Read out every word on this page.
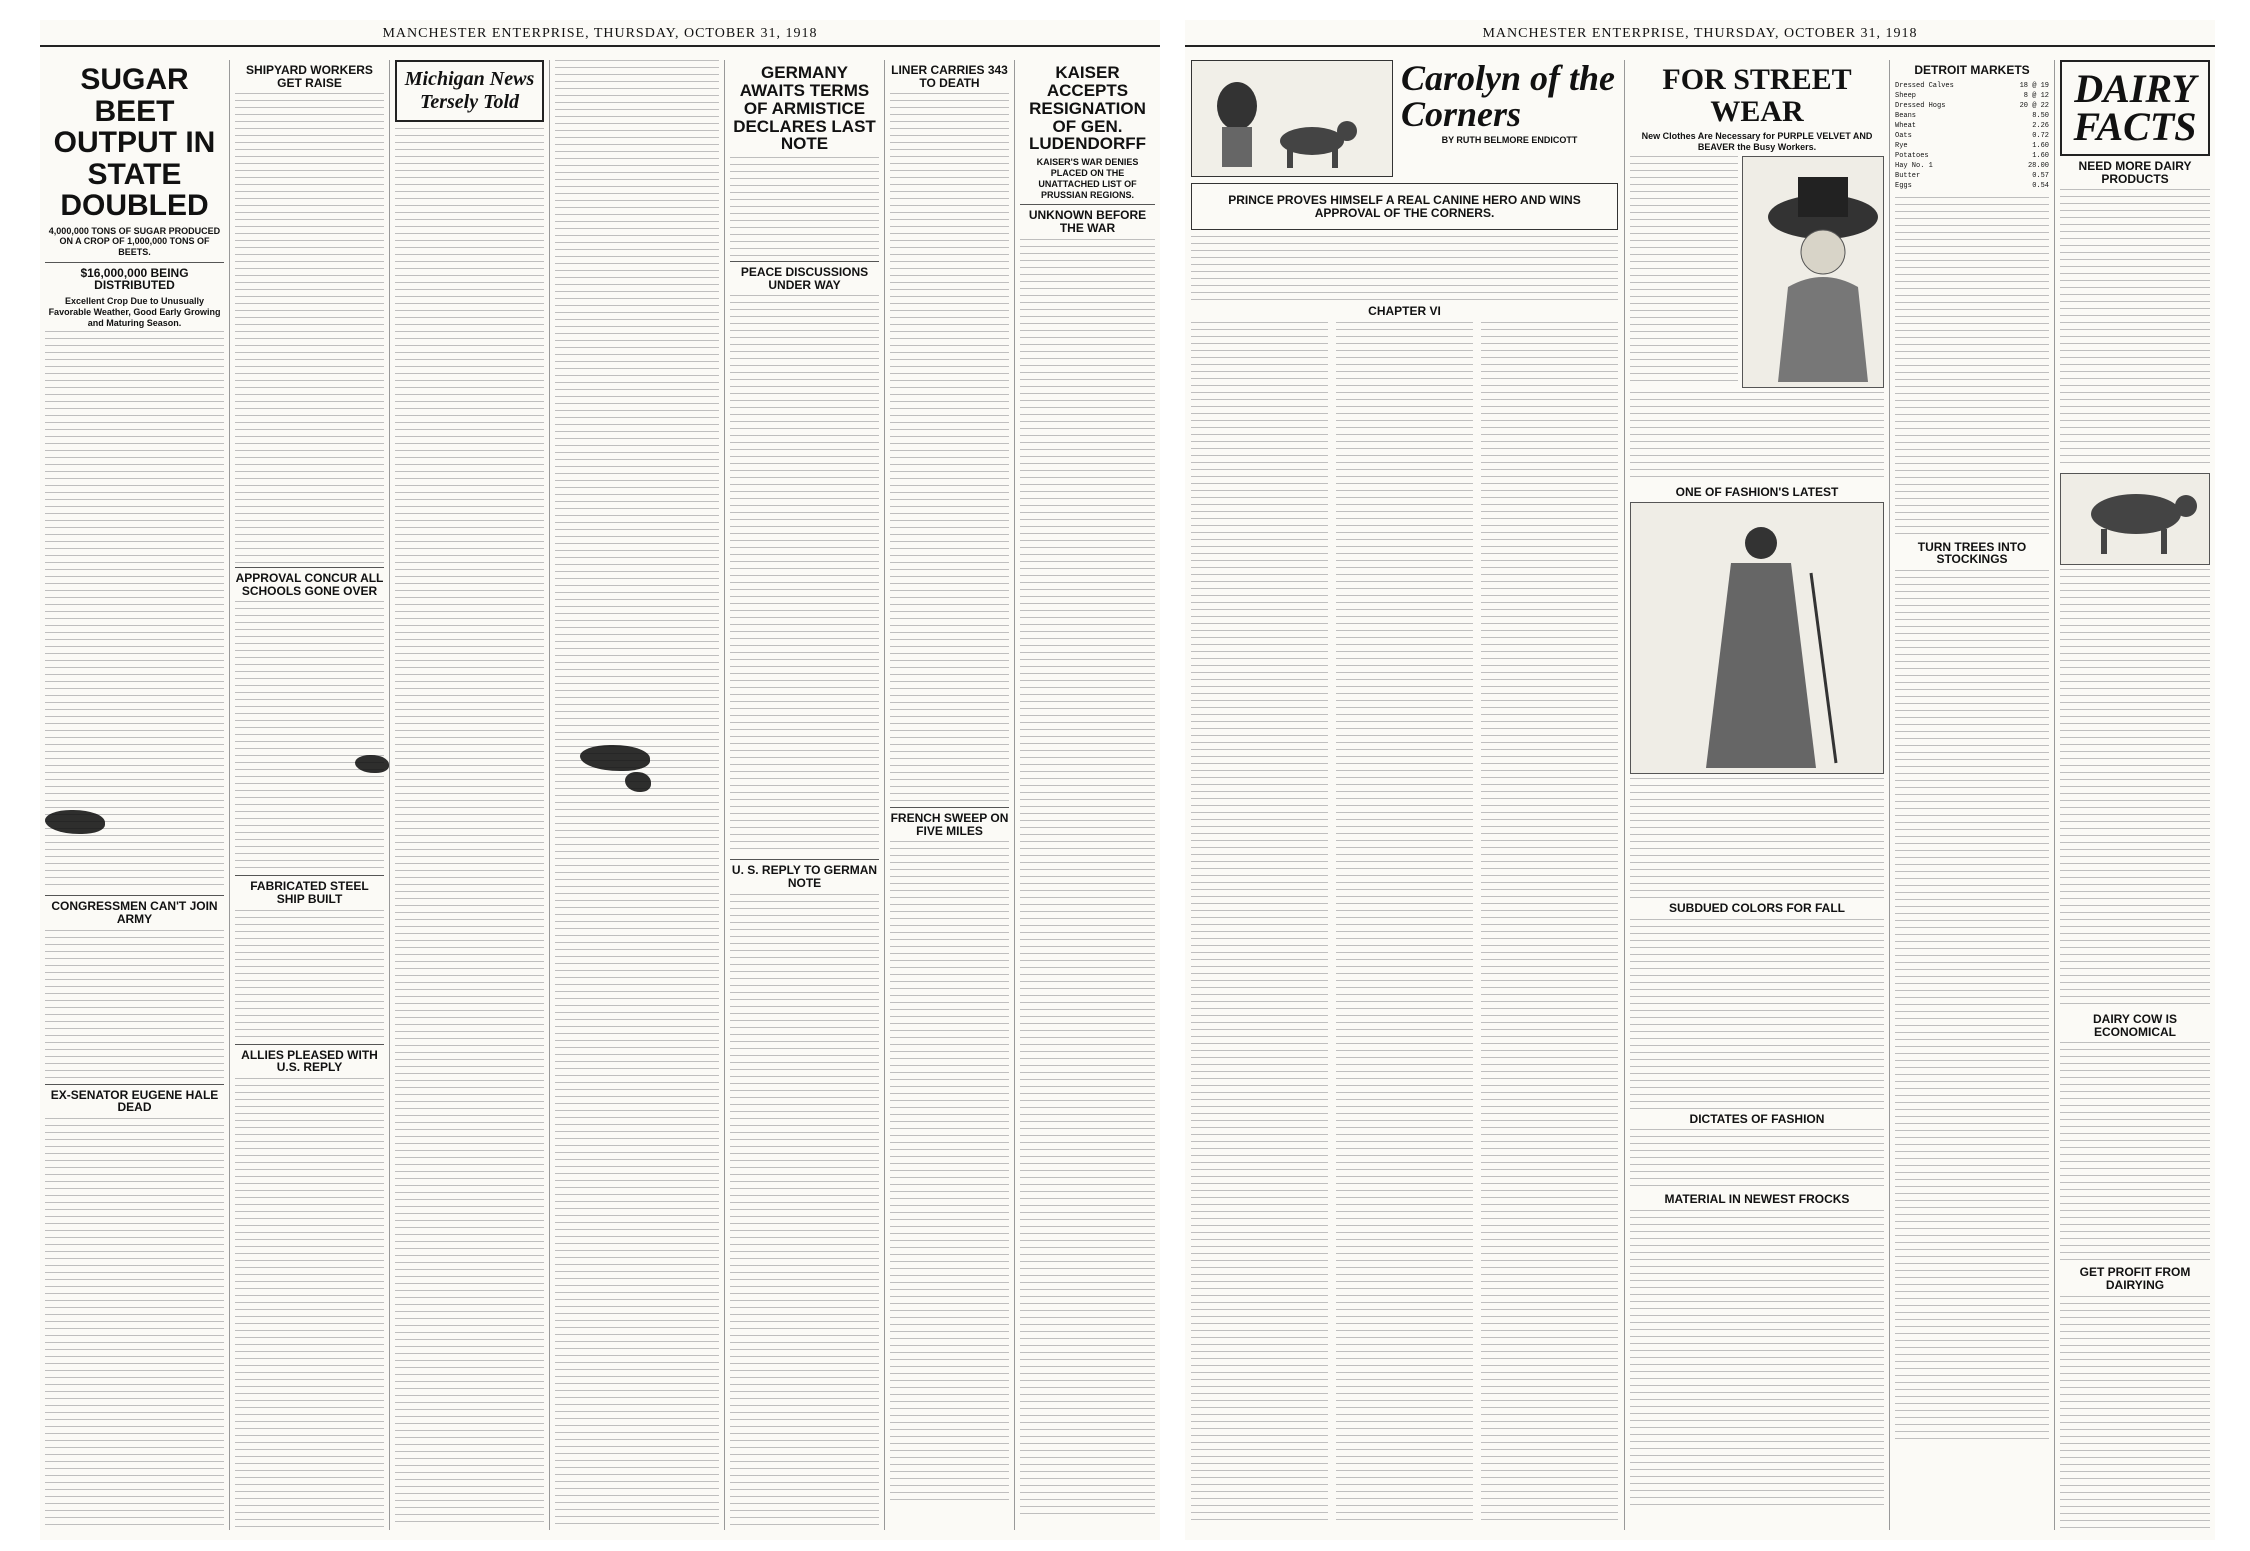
MANCHESTER ENTERPRISE, THURSDAY, OCTOBER 31, 1918
SUGAR BEET OUTPUT IN STATE DOUBLED
4,000,000 TONS OF SUGAR PRODUCED ON A CROP OF 1,000,000 TONS OF BEETS.
$16,000,000 BEING DISTRIBUTED
Excellent Crop Due to Unusually Favorable Weather, Good Early Growing and Maturing Season.
CONGRESSMEN CAN'T JOIN ARMY
EX-SENATOR EUGENE HALE DEAD
SHIPYARD WORKERS GET RAISE
APPROVAL CONCUR ALL SCHOOLS GONE OVER
FABRICATED STEEL SHIP BUILT
ALLIES PLEASED WITH U.S. REPLY
Michigan News Tersely Told
GERMANY AWAITS TERMS OF ARMISTICE DECLARES LAST NOTE
PEACE DISCUSSIONS UNDER WAY
U. S. REPLY TO GERMAN NOTE
LINER CARRIES 343 TO DEATH
FRENCH SWEEP ON FIVE MILES
KAISER ACCEPTS RESIGNATION OF GEN. LUDENDORFF
KAISER'S WAR DENIES PLACED ON THE UNATTACHED LIST OF PRUSSIAN REGIONS.
UNKNOWN BEFORE THE WAR
MANCHESTER ENTERPRISE, THURSDAY, OCTOBER 31, 1918
Carolyn of the Corners
BY RUTH BELMORE ENDICOTT
PRINCE PROVES HIMSELF A REAL CANINE HERO AND WINS APPROVAL OF THE CORNERS.
CHAPTER VI
FOR STREET WEAR
New Clothes Are Necessary for PURPLE VELVET AND BEAVER the Busy Workers.
ONE OF FASHION'S LATEST
SUBDUED COLORS FOR FALL
DICTATES OF FASHION
MATERIAL IN NEWEST FROCKS
DETROIT MARKETS
Dressed Calves	18 @ 19
Sheep	8 @ 12
Dressed Hogs	20 @ 22
Beans	8.50
Wheat	2.26
Oats	0.72
Rye	1.60
Potatoes	1.60
Hay No. 1	28.00
Butter	0.57
Eggs	0.54
TURN TREES INTO STOCKINGS
DAIRY FACTS
NEED MORE DAIRY PRODUCTS
DAIRY COW IS ECONOMICAL
GET PROFIT FROM DAIRYING
